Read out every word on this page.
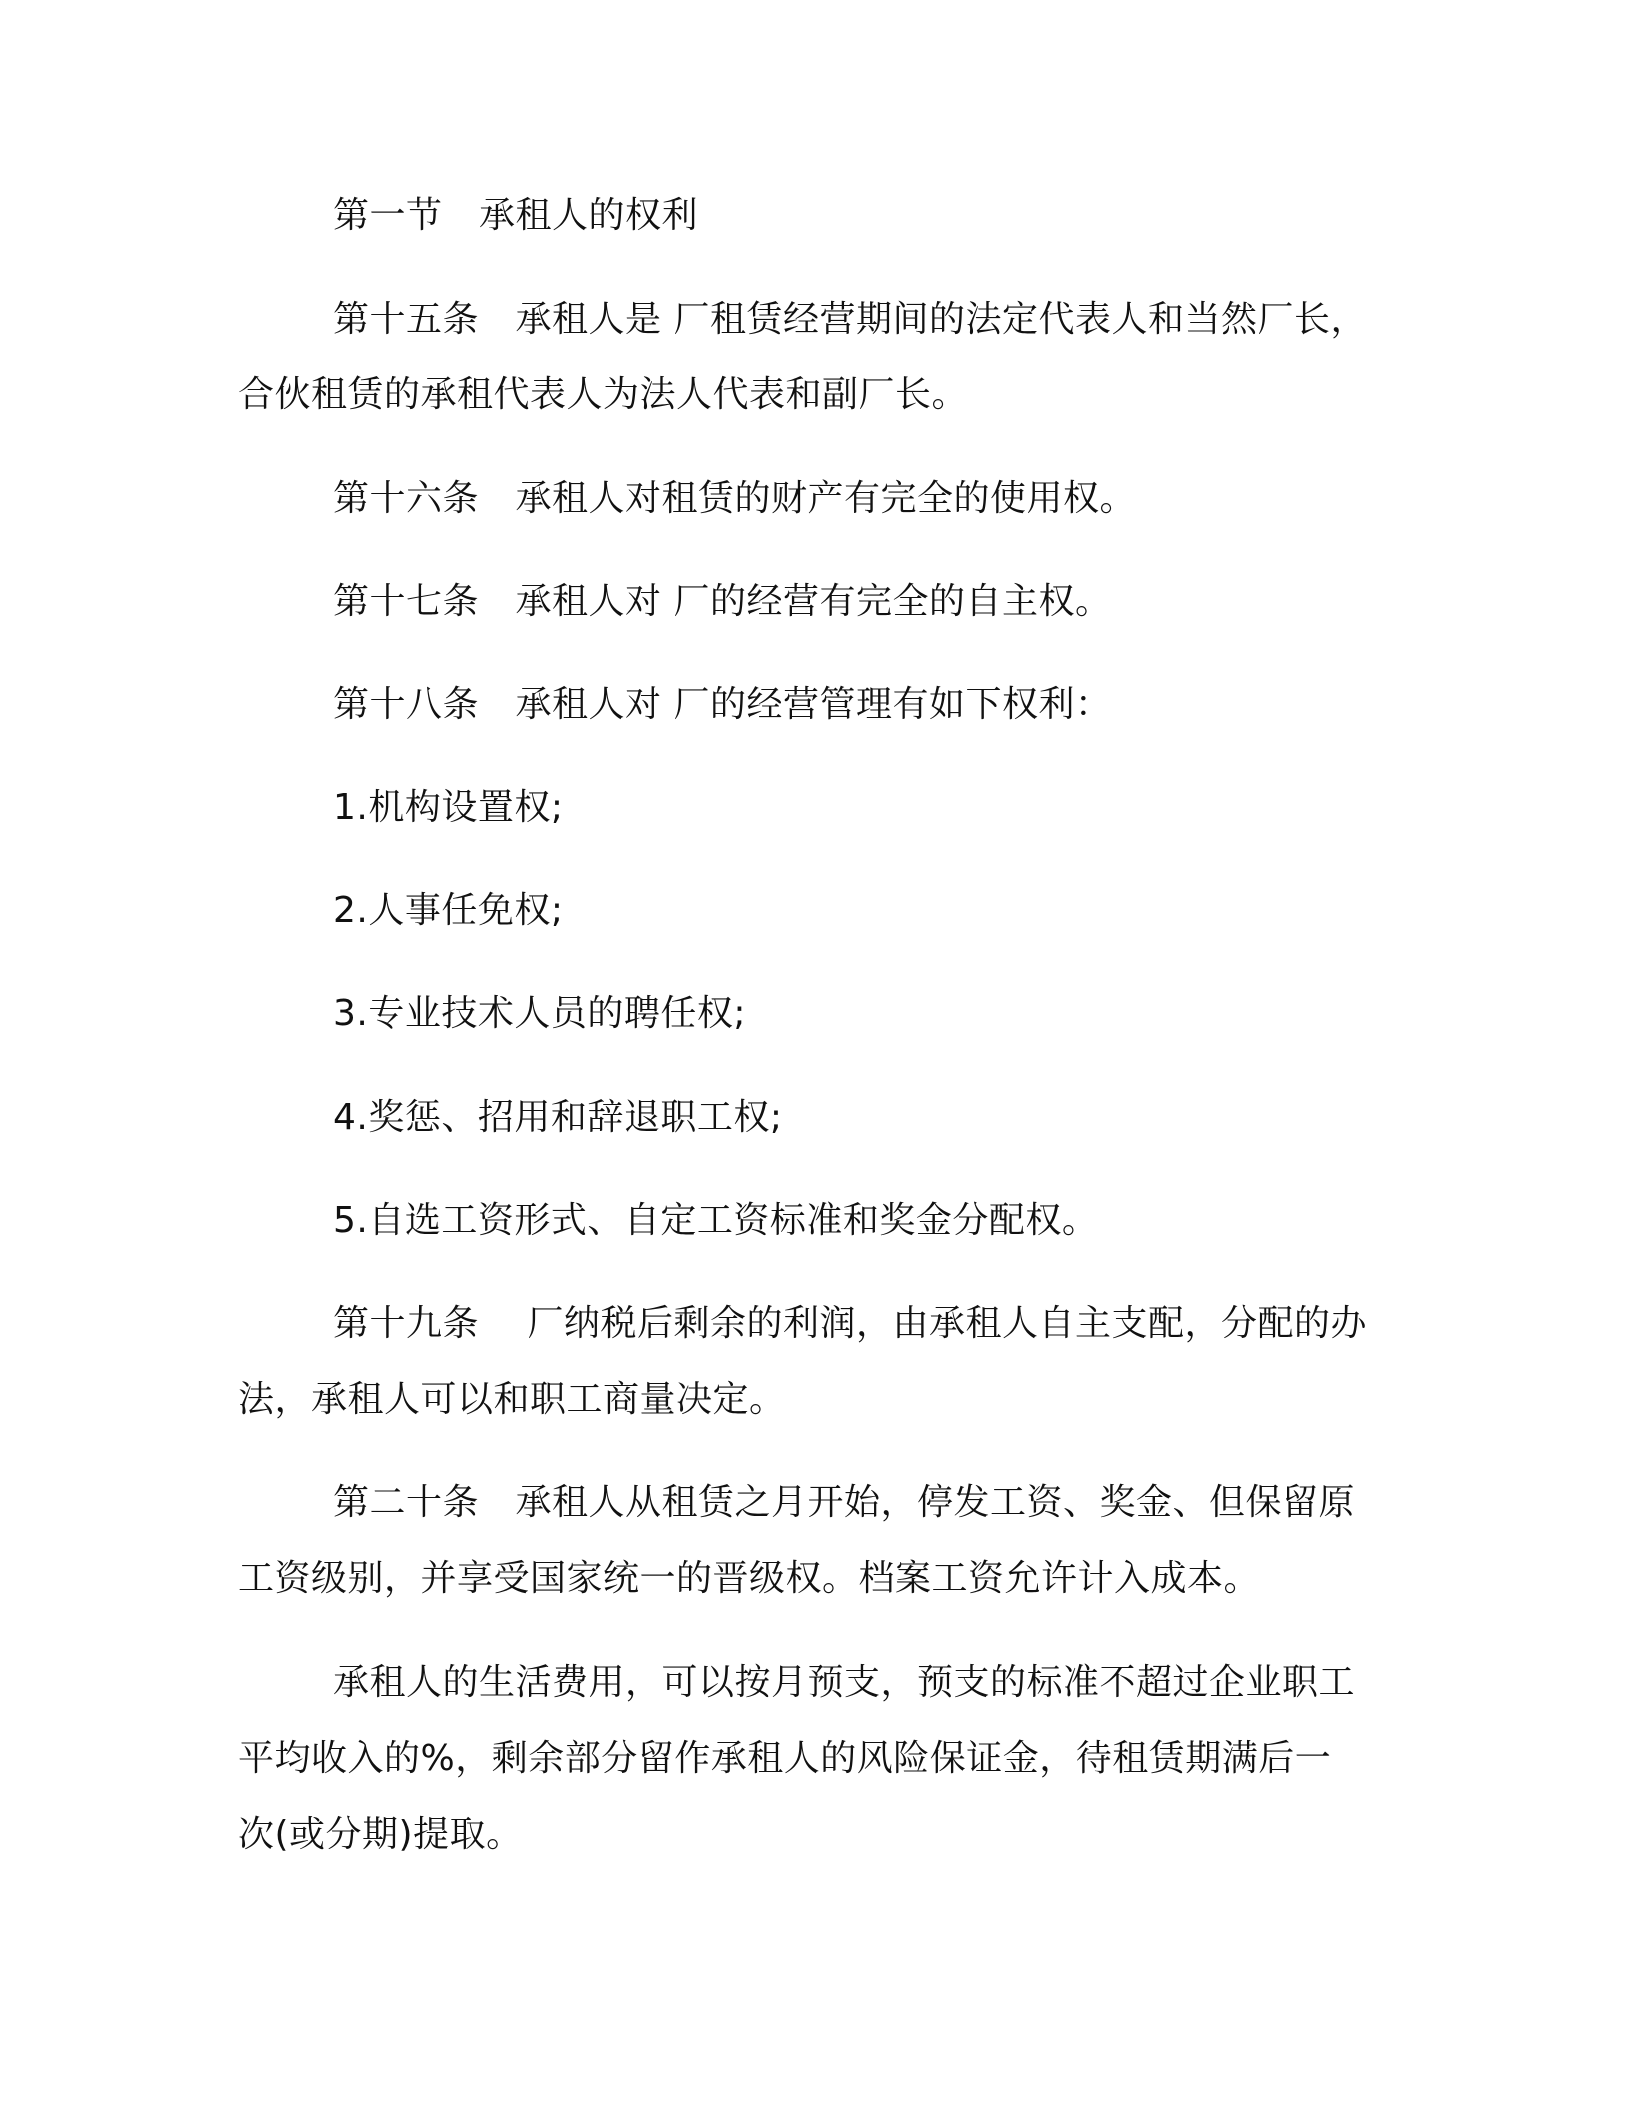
第一节　承租人的权利

第十五条　承租人是 厂租赁经营期间的法定代表人和当然厂长，

合伙租赁的承租代表人为法人代表和副厂长。

第十六条　承租人对租赁的财产有完全的使用权。

第十七条　承租人对 厂的经营有完全的自主权。

第十八条　承租人对 厂的经营管理有如下权利：

1.机构设置权;

2.人事任免权;

3.专业技术人员的聘任权;

4.奖惩、招用和辞退职工权;

5.自选工资形式、自定工资标准和奖金分配权。

第十九条　 厂纳税后剩余的利润，由承租人自主支配，分配的办

法，承租人可以和职工商量决定。

第二十条　承租人从租赁之月开始，停发工资、奖金、但保留原

工资级别，并享受国家统一的晋级权。档案工资允许计入成本。

承租人的生活费用，可以按月预支，预支的标准不超过企业职工

平均收入的%，剩余部分留作承租人的风险保证金，待租赁期满后一

次(或分期)提取。
